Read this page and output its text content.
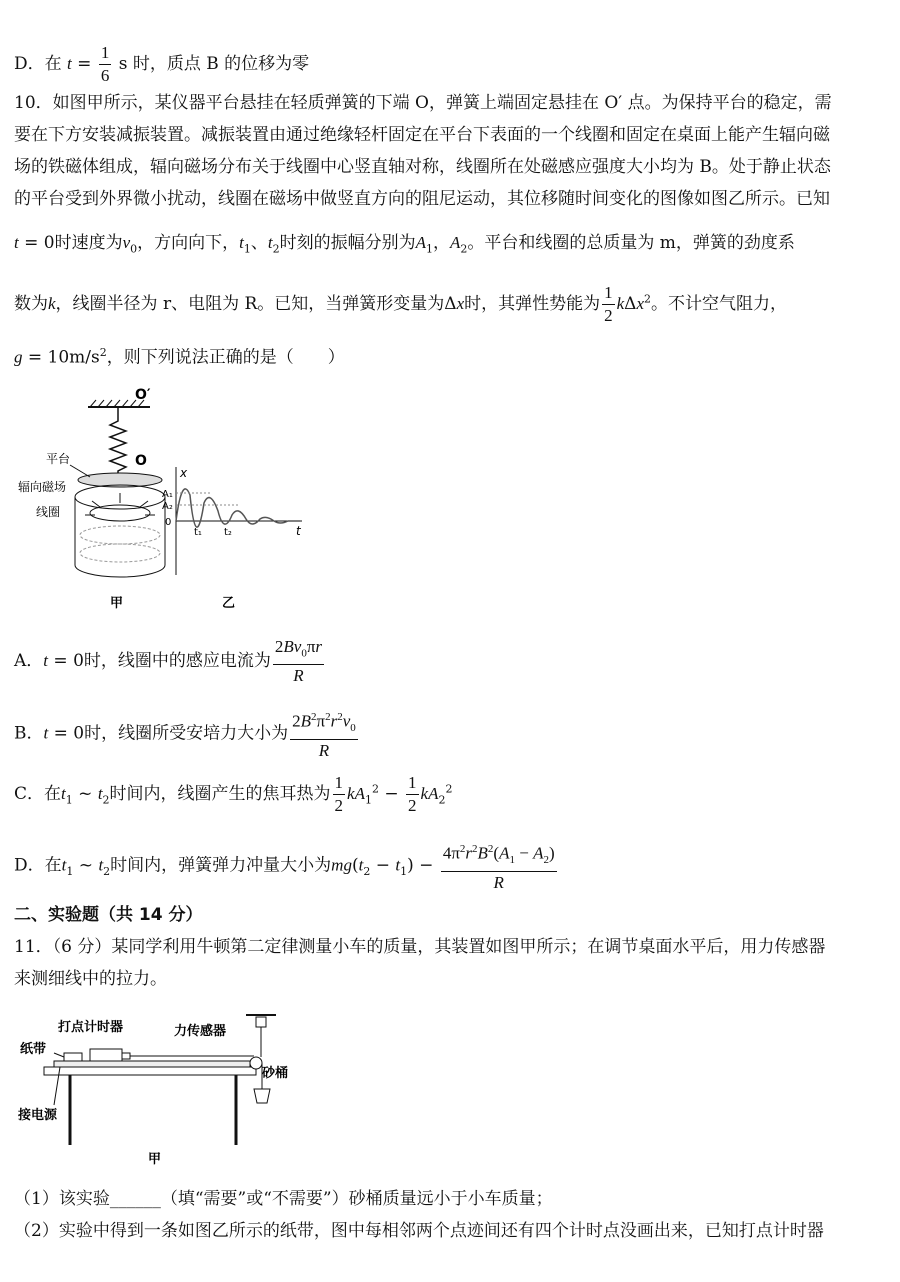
D．在 $t = \frac{1}{6}$ s 时，质点 B 的位移为零
10．如图甲所示，某仪器平台悬挂在轻质弹簧的下端 O，弹簧上端固定悬挂在 O′ 点。为保持平台的稳定，需
要在下方安装减振装置。减振装置由通过绝缘轻杆固定在平台下表面的一个线圈和固定在桌面上能产生辐向磁
场的铁磁体组成，辐向磁场分布关于线圈中心竖直轴对称，线圈所在处磁感应强度大小均为 B。处于静止状态
的平台受到外界微小扰动，线圈在磁场中做竖直方向的阻尼运动，其位移随时间变化的图像如图乙所示。已知
t = 0时速度为$v_0$，方向向下，$t_1$、$t_2$时刻的振幅分别为$A_1$，$A_2$。平台和线圈的总质量为 m，弹簧的劲度系
数为k，线圈半径为 r、电阻为 R。已知，当弹簧形变量为Δx时，其弹性势能为 $\frac{1}{2} k\Delta x^2$。不计空气阻力，
$g = 10m/s^2$，则下列说法正确的是（　　）
O′
O
平台
辐向磁场
线圈
x
t
A₁
A₂
0
t₁ t₂
甲	乙
A．t = 0时，线圈中的感应电流为 $\frac{2Bv_0\pi r}{R}$
B．t = 0时，线圈所受安培力大小为 $\frac{2B^2\pi^2r^2v_0}{R}$
C．在$t_1$ ~ $t_2$时间内，线圈产生的焦耳热为 $\frac{1}{2} kA_1^2 - \frac{1}{2} kA_2^2$
D．在$t_1$ ~ $t_2$时间内，弹簧弹力冲量大小为$mg(t_2 - t_1) - \frac{4\pi^2r^2B^2(A_1 - A_2)}{R}$
二、实验题（共 14 分）
11．（6 分）某同学利用牛顿第二定律测量小车的质量，其装置如图甲所示；在调节桌面水平后，用力传感器
来测细线中的拉力。
打点计时器	力传感器
纸带
砂桶
接电源
甲
（1）该实验______（填“需要”或“不需要”）砂桶质量远小于小车质量；
（2）实验中得到一条如图乙所示的纸带，图中每相邻两个点迹间还有四个计时点没画出来，已知打点计时器
